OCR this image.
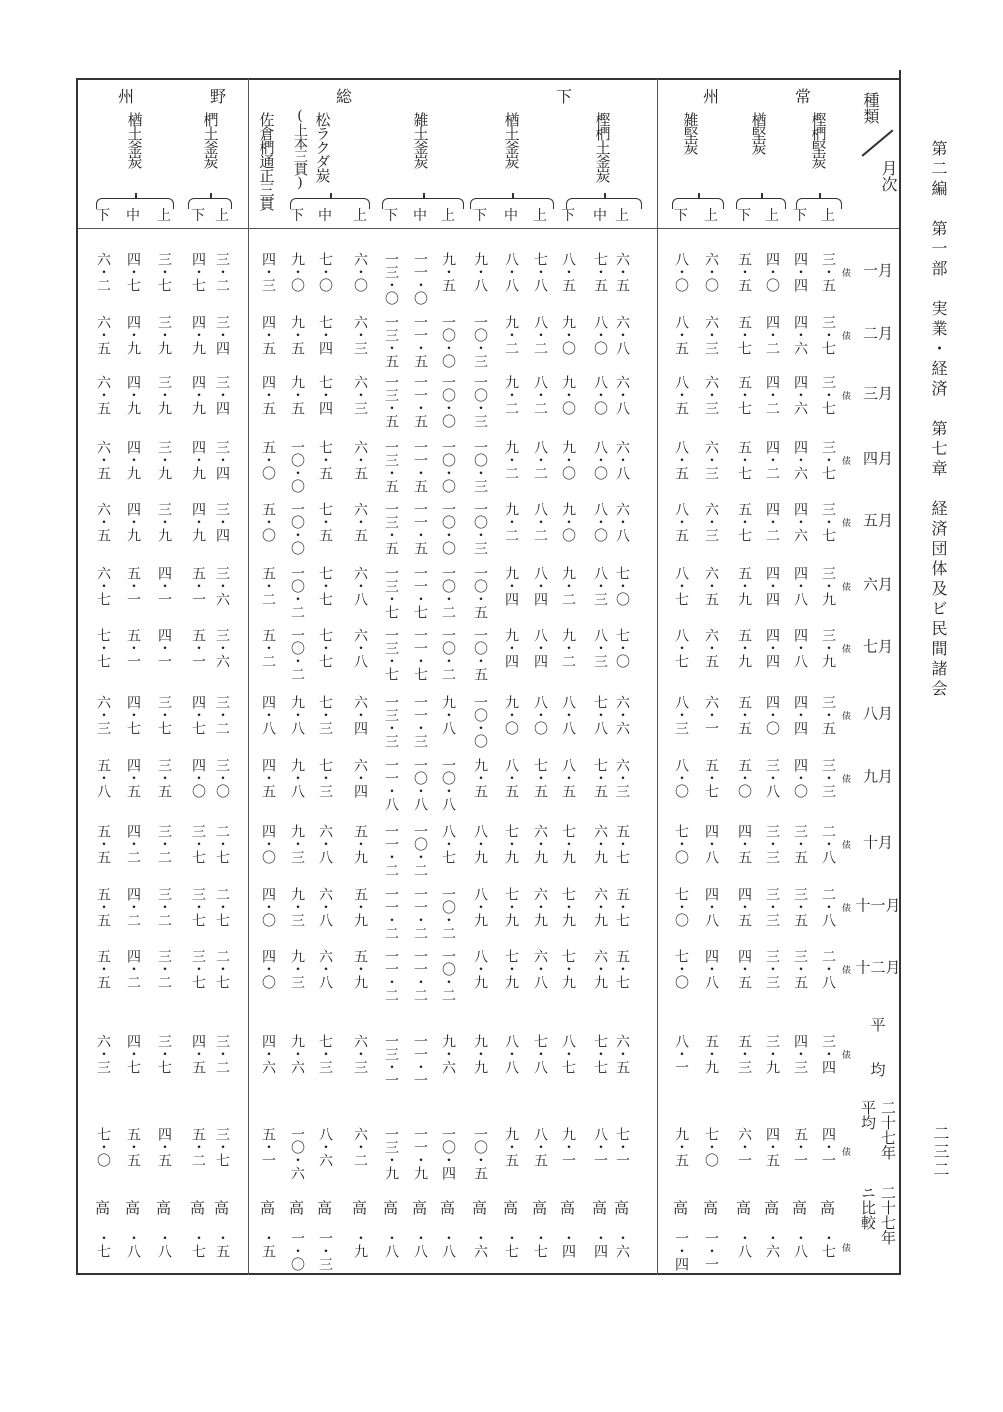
第二編　第一部　実業・経済　第七章　経済団体及ビ民間諸会
二三二
種類
月次
常
州
下
総
野
州
樫椚堅炭
上
下
楢堅炭
上
下
雑堅炭
上
下
樫椚土釜炭
上
中
下
楢土釜炭
上
中
下
雑土釜炭
上
中
下
松ラクダ炭
(上本三貫)
上
中
下
佐倉椚通正三貫
椚土釜炭
上
下
楢土釜炭
上
中
下
三・五
三・七
三・七
三・七
三・七
三・九
三・九
三・五
三・三
二・八
二・八
二・八
三・四
四・一
高
・七
四・四
四・六
四・六
四・六
四・六
四・八
四・八
四・四
四・〇
三・五
三・五
三・五
四・三
五・一
高
・八
四・〇
四・二
四・二
四・二
四・二
四・四
四・四
四・〇
三・八
三・三
三・三
三・三
三・九
四・五
高
・六
五・五
五・七
五・七
五・七
五・七
五・九
五・九
五・五
五・〇
四・五
四・五
四・五
五・三
六・一
高
・八
六・〇
六・三
六・三
六・三
六・三
六・五
六・五
六・一
五・七
四・八
四・八
四・八
五・九
七・〇
高
一・一
八・〇
八・五
八・五
八・五
八・五
八・七
八・七
八・三
八・〇
七・〇
七・〇
七・〇
八・一
九・五
高
一・四
六・五
六・八
六・八
六・八
六・八
七・〇
七・〇
六・六
六・三
五・七
五・七
五・七
六・五
七・一
高
・六
七・五
八・〇
八・〇
八・〇
八・〇
八・三
八・三
七・八
七・五
六・九
六・九
六・九
七・七
八・一
高
・四
八・五
九・〇
九・〇
九・〇
九・〇
九・二
九・二
八・八
八・五
七・九
七・九
七・九
八・七
九・一
高
・四
七・八
八・二
八・二
八・二
八・二
八・四
八・四
八・〇
七・五
六・九
六・九
六・八
七・八
八・五
高
・七
八・八
九・二
九・二
九・二
九・二
九・四
九・四
九・〇
八・五
七・九
七・九
七・九
八・八
九・五
高
・七
九・八
一〇・三
一〇・三
一〇・三
一〇・三
一〇・五
一〇・五
一〇・〇
九・五
八・九
八・九
八・九
九・九
一〇・五
高
・六
九・五
一〇・〇
一〇・〇
一〇・〇
一〇・〇
一〇・二
一〇・二
九・八
一〇・八
八・七
一〇・二
一〇・二
九・六
一〇・四
高
・八
一一・〇
一一・五
一一・五
一一・五
一一・五
一一・七
一一・七
一一・三
一〇・八
一〇・二
一一・二
一一・二
一一・一
一一・九
高
・八
一三・〇
一三・五
一三・五
一三・五
一三・五
一三・七
一三・七
一三・三
一一・八
一一・二
一一・二
一一・二
一三・一
一三・九
高
・八
六・〇
六・三
六・三
六・五
六・五
六・八
六・八
六・四
六・四
五・九
五・九
五・九
六・三
六・二
高
・九
七・〇
七・四
七・四
七・五
七・五
七・七
七・七
七・三
七・三
六・八
六・八
六・八
七・三
八・六
高
一・三
九・〇
九・五
九・五
一〇・〇
一〇・〇
一〇・二
一〇・二
九・八
九・八
九・三
九・三
九・三
九・六
一〇・六
高
一・〇
四・三
四・五
四・五
五・〇
五・〇
五・二
五・二
四・八
四・五
四・〇
四・〇
四・〇
四・六
五・一
高
・五
三・二
三・四
三・四
三・四
三・四
三・六
三・六
三・二
三・〇
二・七
二・七
二・七
三・二
三・七
高
・五
四・七
四・九
四・九
四・九
四・九
五・一
五・一
四・七
四・〇
三・七
三・七
三・七
四・五
五・二
高
・七
三・七
三・九
三・九
三・九
三・九
四・一
四・一
三・七
三・五
三・二
三・二
三・二
三・七
四・五
高
・八
四・七
四・九
四・九
四・九
四・九
五・一
五・一
四・七
四・五
四・二
四・二
四・二
四・七
五・五
高
・八
六・二
六・五
六・五
六・五
六・五
六・七
七・七
六・三
五・八
五・五
五・五
五・五
六・三
七・〇
高
・七
俵
俵
俵
俵
俵
俵
俵
俵
俵
俵
俵
俵
俵
俵
俵
一月
二月
三月
四月
五月
六月
七月
八月
九月
十月
十一月
十二月
平均
二十七年
平均
二十七年
ニ比較
